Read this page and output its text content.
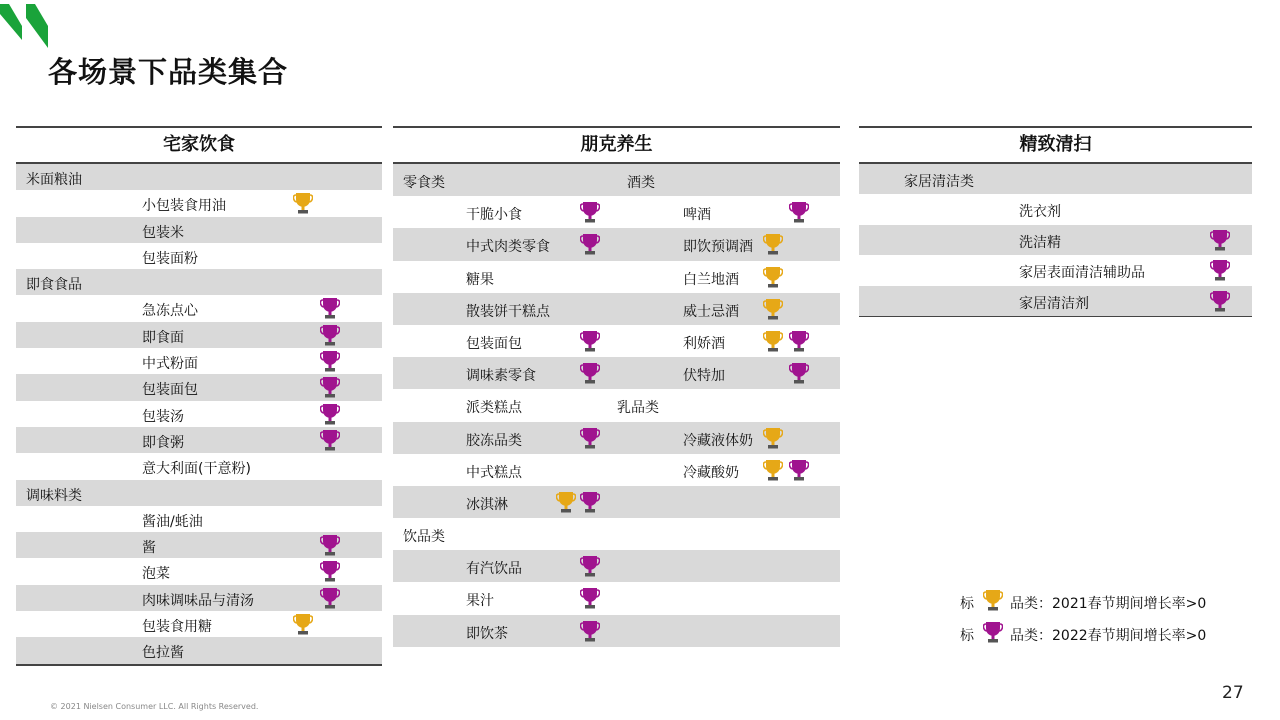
各场景下品类集合
宅家饮食
米面粮油
小包装食用油
包装米
包装面粉
即食食品
急冻点心
即食面
中式粉面
包装面包
包装汤
即食粥
意大利面(干意粉)
调味料类
酱油/蚝油
酱
泡菜
肉味调味品与清汤
包装食用糖
色拉酱
朋克养生
零食类	酒类
干脆小食	啤酒
中式肉类零食	即饮预调酒
糖果	白兰地酒
散装饼干糕点	威士忌酒
包装面包	利娇酒
调味素零食	伏特加
派类糕点	乳品类
胶冻品类	冷藏液体奶
中式糕点	冷藏酸奶
冰淇淋
饮品类
有汽饮品
果汁
即饮茶
精致清扫
家居清洁类
洗衣剂
洗洁精
家居表面清洁辅助品
家居清洁剂
标	品类：2021春节期间增长率>0
标	品类：2022春节期间增长率>0
© 2021 Nielsen Consumer LLC. All Rights Reserved.
27
